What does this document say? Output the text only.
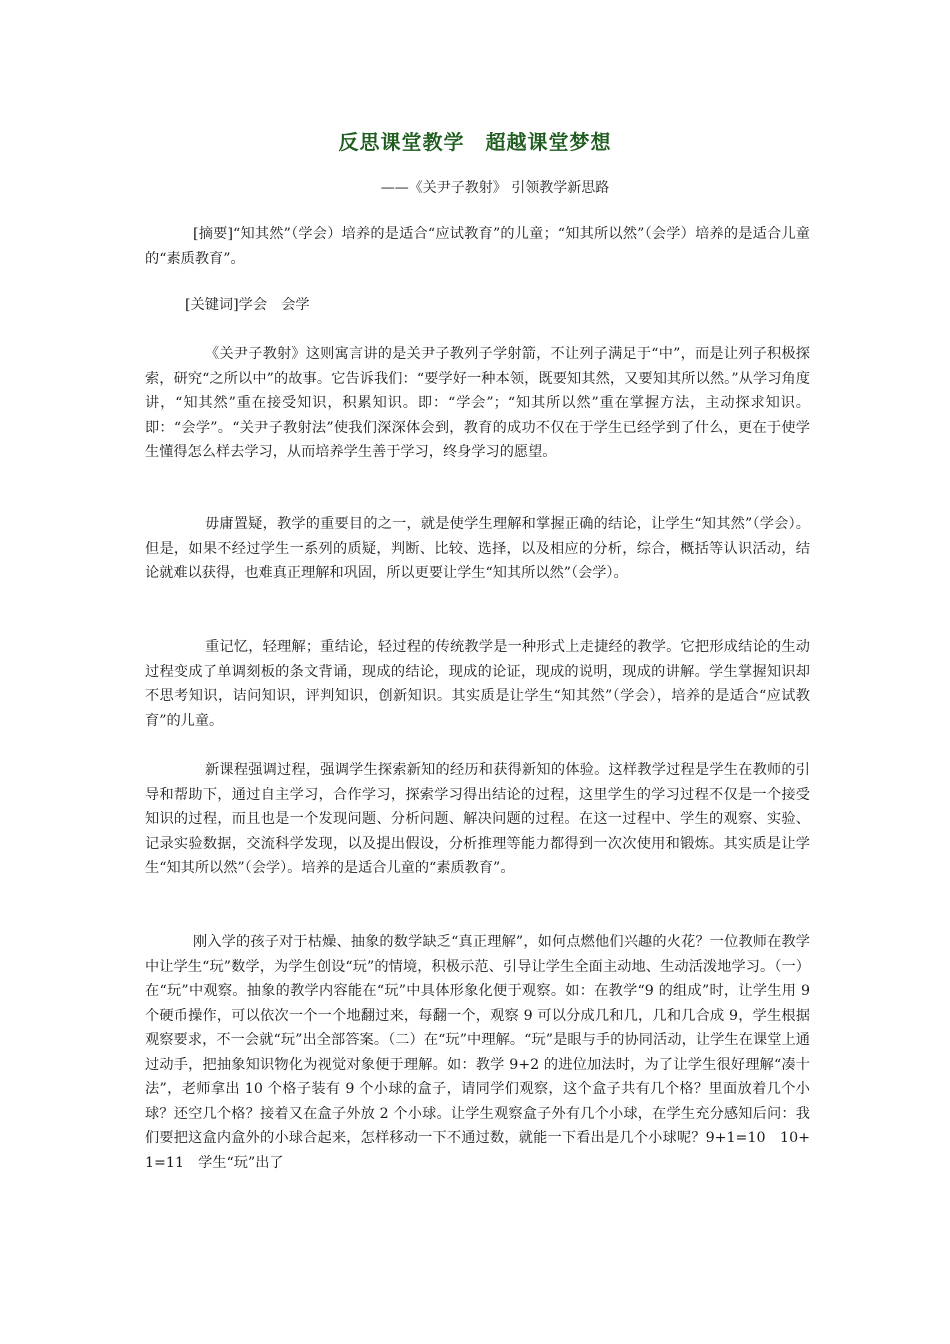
反思课堂教学　超越课堂梦想
——《关尹子教射》 引领教学新思路

[摘要]“知其然”（学会）培养的是适合“应试教育”的儿童；“知其所以然”（会学）培养的是适合儿童的“素质教育”。

[关键词]学会　会学

《关尹子教射》这则寓言讲的是关尹子教列子学射箭，不让列子满足于“中”，而是让列子积极探索，研究“之所以中”的故事。它告诉我们：“要学好一种本领，既要知其然，又要知其所以然。”从学习角度讲，“知其然”重在接受知识，积累知识。即：“学会”；“知其所以然”重在掌握方法，主动探求知识。即：“会学”。“关尹子教射法”使我们深深体会到，教育的成功不仅在于学生已经学到了什么，更在于使学生懂得怎么样去学习，从而培养学生善于学习，终身学习的愿望。

毋庸置疑，教学的重要目的之一，就是使学生理解和掌握正确的结论，让学生“知其然”（学会）。但是，如果不经过学生一系列的质疑，判断、比较、选择，以及相应的分析，综合，概括等认识活动，结论就难以获得，也难真正理解和巩固，所以更要让学生“知其所以然”（会学）。

重记忆，轻理解；重结论，轻过程的传统教学是一种形式上走捷经的教学。它把形成结论的生动过程变成了单调刻板的条文背诵，现成的结论，现成的论证，现成的说明，现成的讲解。学生掌握知识却不思考知识，诘问知识，评判知识，创新知识。其实质是让学生“知其然”（学会），培养的是适合“应试教育”的儿童。

新课程强调过程，强调学生探索新知的经历和获得新知的体验。这样教学过程是学生在教师的引导和帮助下，通过自主学习，合作学习，探索学习得出结论的过程，这里学生的学习过程不仅是一个接受知识的过程，而且也是一个发现问题、分析问题、解决问题的过程。在这一过程中、学生的观察、实验、记录实验数据，交流科学发现，以及提出假设，分析推理等能力都得到一次次使用和锻炼。其实质是让学生“知其所以然”（会学）。培养的是适合儿童的“素质教育”。

刚入学的孩子对于枯燥、抽象的数学缺乏“真正理解”，如何点燃他们兴趣的火花？一位教师在教学中让学生“玩”数学，为学生创设“玩”的情境，积极示范、引导让学生全面主动地、生动活泼地学习。（一）在“玩”中观察。抽象的教学内容能在“玩”中具体形象化便于观察。如：在教学“9 的组成”时，让学生用 9 个硬币操作，可以依次一个一个地翻过来，每翻一个，观察 9 可以分成几和几，几和几合成 9，学生根据观察要求，不一会就“玩”出全部答案。（二）在“玩”中理解。“玩”是眼与手的协同活动，让学生在课堂上通过动手，把抽象知识物化为视觉对象便于理解。如：教学 9+2 的进位加法时，为了让学生很好理解“凑十法”，老师拿出 10 个格子装有 9 个小球的盒子，请同学们观察，这个盒子共有几个格？里面放着几个小球？还空几个格？接着又在盒子外放 2 个小球。让学生观察盒子外有几个小球，在学生充分感知后问：我们要把这盒内盒外的小球合起来，怎样移动一下不通过数，就能一下看出是几个小球呢？9+1=10　10+1=11　学生“玩”出了
